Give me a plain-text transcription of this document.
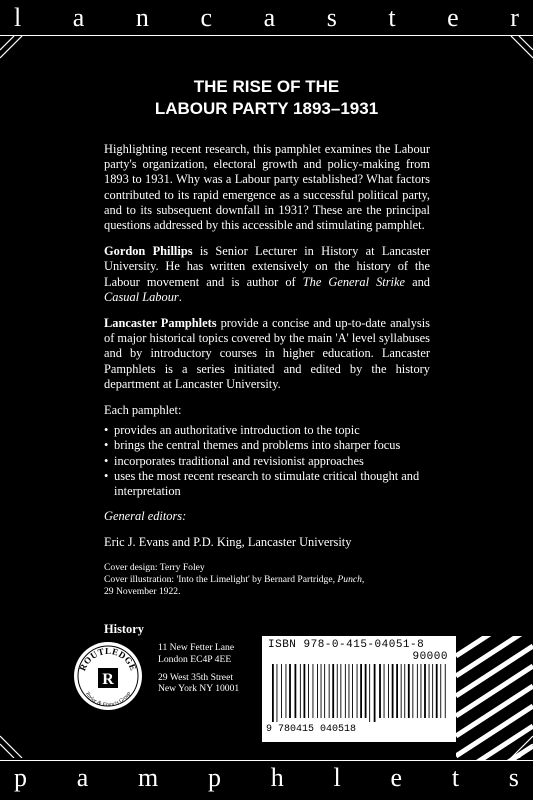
l a n c a s t e r
THE RISE OF THE
LABOUR PARTY 1893–1931

Highlighting recent research, this pamphlet examines the Labour party's organization, electoral growth and policy-making from 1893 to 1931. Why was a Labour party established? What factors contributed to its rapid emergence as a successful political party, and to its subsequent downfall in 1931? These are the principal questions addressed by this accessible and stimulating pamphlet.

Gordon Phillips is Senior Lecturer in History at Lancaster University. He has written extensively on the history of the Labour movement and is author of The General Strike and Casual Labour.

Lancaster Pamphlets provide a concise and up-to-date analysis of major historical topics covered by the main 'A' level syllabuses and by introductory courses in higher education. Lancaster Pamphlets is a series initiated and edited by the history department at Lancaster University.

Each pamphlet:

• provides an authoritative introduction to the topic
• brings the central themes and problems into sharper focus
• incorporates traditional and revisionist approaches
• uses the most recent research to stimulate critical thought and interpretation

General editors:

Eric J. Evans and P.D. King, Lancaster University

Cover design: Terry Foley
Cover illustration: 'Into the Limelight' by Bernard Partridge, Punch,
29 November 1922.

History

ROUTLEDGE
Taylor & Francis Group
R
11 New Fetter Lane
London EC4P 4EE
29 West 35th Street
New York NY 10001
ISBN 978-0-415-04051-8
90000
9 780415 040518
p a m p h l e t s
